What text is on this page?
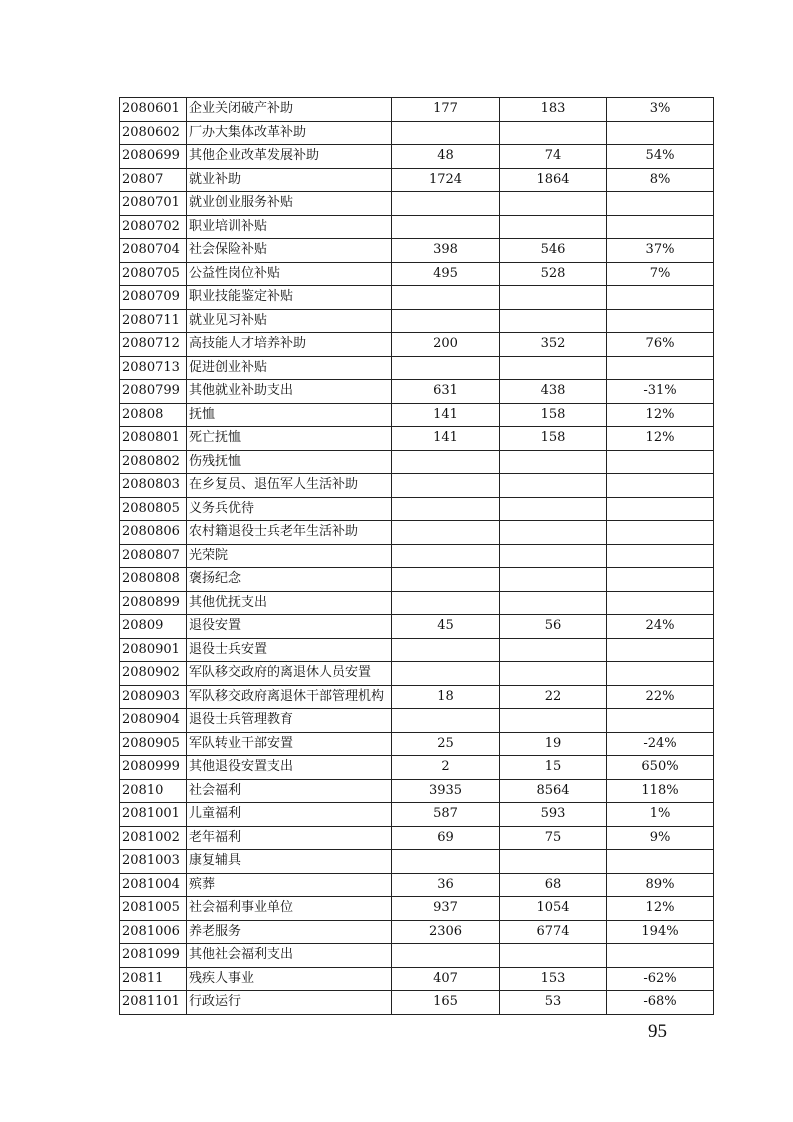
2080601	企业关闭破产补助	177	183	3%
2080602	厂办大集体改革补助			
2080699	其他企业改革发展补助	48	74	54%
20807	就业补助	1724	1864	8%
2080701	就业创业服务补贴			
2080702	职业培训补贴			
2080704	社会保险补贴	398	546	37%
2080705	公益性岗位补贴	495	528	7%
2080709	职业技能鉴定补贴			
2080711	就业见习补贴			
2080712	高技能人才培养补助	200	352	76%
2080713	促进创业补贴			
2080799	其他就业补助支出	631	438	-31%
20808	抚恤	141	158	12%
2080801	死亡抚恤	141	158	12%
2080802	伤残抚恤			
2080803	在乡复员、退伍军人生活补助			
2080805	义务兵优待			
2080806	农村籍退役士兵老年生活补助			
2080807	光荣院			
2080808	褒扬纪念			
2080899	其他优抚支出			
20809	退役安置	45	56	24%
2080901	退役士兵安置			
2080902	军队移交政府的离退休人员安置			
2080903	军队移交政府离退休干部管理机构	18	22	22%
2080904	退役士兵管理教育			
2080905	军队转业干部安置	25	19	-24%
2080999	其他退役安置支出	2	15	650%
20810	社会福利	3935	8564	118%
2081001	儿童福利	587	593	1%
2081002	老年福利	69	75	9%
2081003	康复辅具			
2081004	殡葬	36	68	89%
2081005	社会福利事业单位	937	1054	12%
2081006	养老服务	2306	6774	194%
2081099	其他社会福利支出			
20811	残疾人事业	407	153	-62%
2081101	行政运行	165	53	-68%
95
